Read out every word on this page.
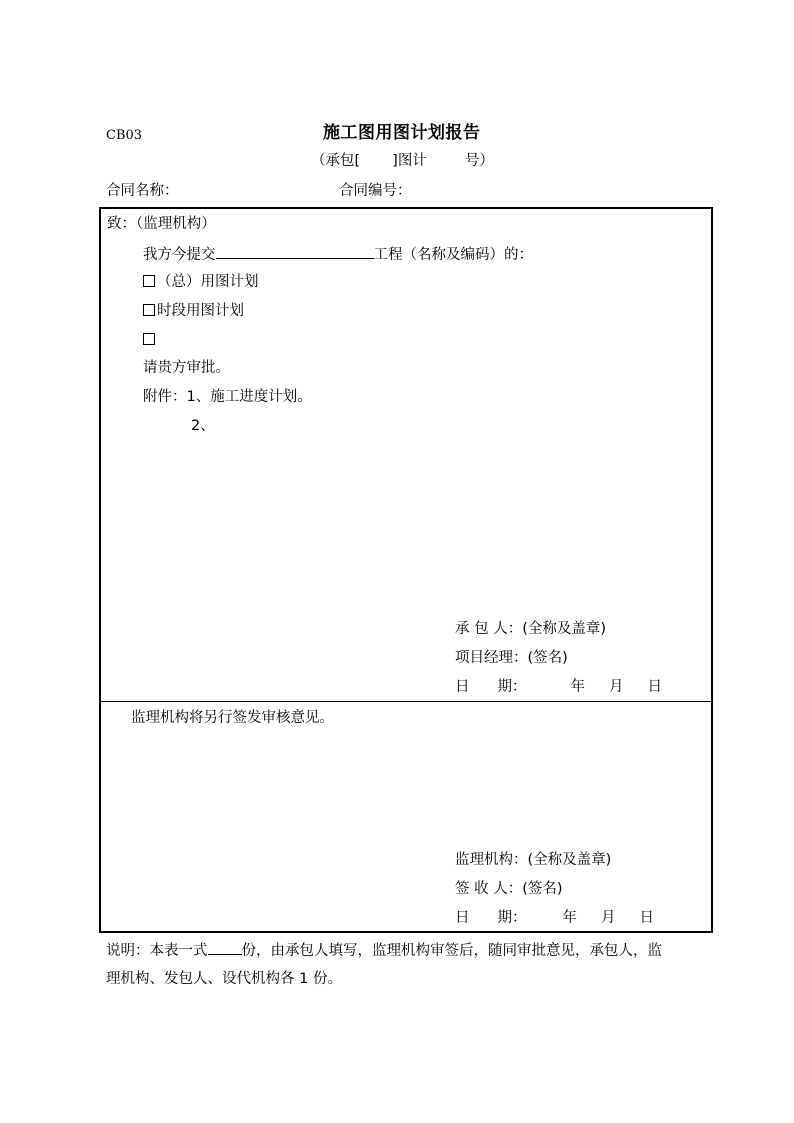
CB03	施工图用图计划报告
（承包[ ]图计	号）
合同名称：	合同编号：
致：（监理机构）
我方今提交	工程（名称及编码）的：
（总）用图计划
时段用图计划
请贵方审批。
附件：1、施工进度计划。
2、
承 包 人：(全称及盖章)
项目经理：(签名)
日 期：	年 月 日
监理机构将另行签发审核意见。
监理机构：(全称及盖章)
签 收 人：(签名)
日 期： 年 月 日
说明：本表一式 份，由承包人填写，监理机构审签后，随同审批意见，承包人，监
理机构、发包人、设代机构各 1 份。
